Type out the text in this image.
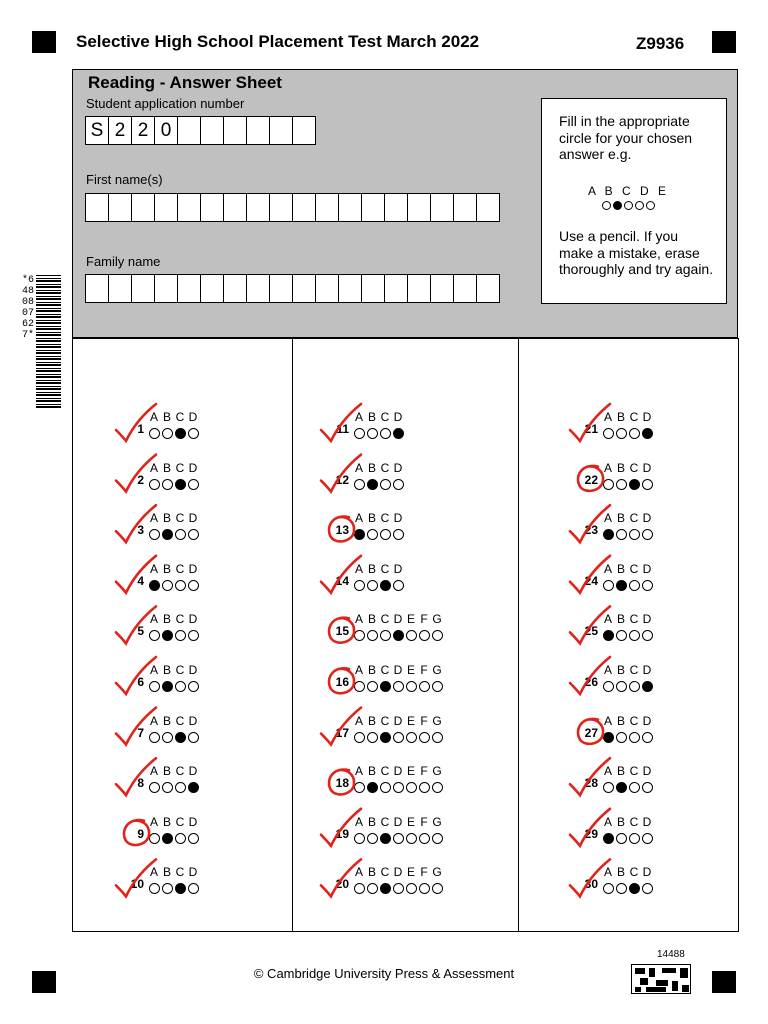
Selective High School Placement Test March 2022	Z9936
*6480807627*
Reading - Answer Sheet
Student application number
S 2 2 0
First name(s)
Family name
Fill in the appropriate circle for your chosen answer e.g.
A B C D E
Use a pencil. If you make a mistake, erase thoroughly and try again.
1
A B C D
2
A B C D
3
A B C D
4
A B C D
5
A B C D
6
A B C D
7
A B C D
8
A B C D
9
A B C D
10
A B C D
11
A B C D
12
A B C D
13
A B C D
14
A B C D
15
A B C D E F G
16
A B C D E F G
17
A B C D E F G
18
A B C D E F G
19
A B C D E F G
20
A B C D E F G
21
A B C D
22
A B C D
23
A B C D
24
A B C D
25
A B C D
26
A B C D
27
A B C D
28
A B C D
29
A B C D
30
A B C D
© Cambridge University Press & Assessment
14488
